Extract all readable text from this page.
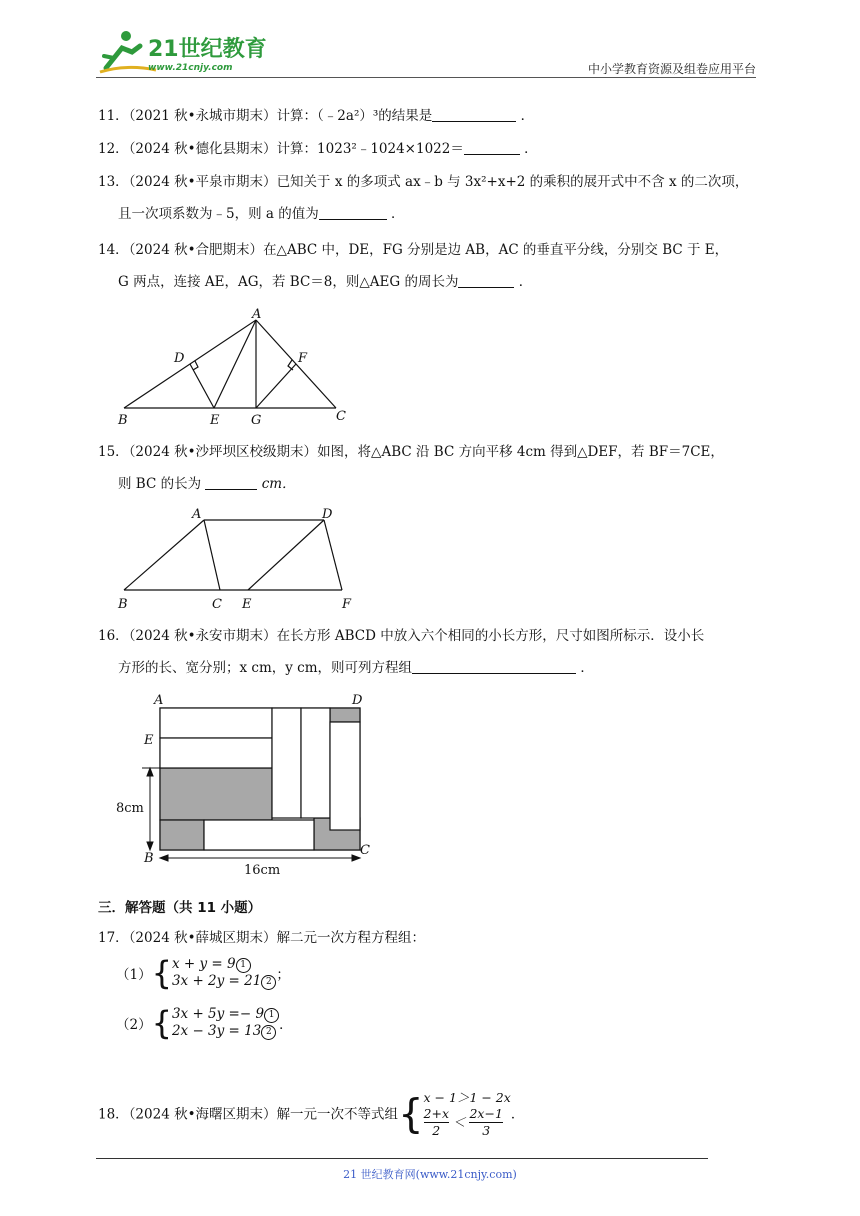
21世纪教育
www.21cnjy.com	中小学教育资源及组卷应用平台
11．（2021 秋•永城市期末）计算：（﹣2a²）³的结果是	．
12．（2024 秋•德化县期末）计算：1023²﹣1024×1022＝	．
13．（2024 秋•平泉市期末）已知关于 x 的多项式 ax﹣b 与 3x²+x+2 的乘积的展开式中不含 x 的二次项，
且一次项系数为﹣5，则 a 的值为	．
14．（2024 秋•合肥期末）在△ABC 中，DE，FG 分别是边 AB，AC 的垂直平分线，分别交 BC 于 E，
G 两点，连接 AE，AG，若 BC＝8，则△AEG 的周长为	．
A
B	C
D
E
F
G
15．（2024 秋•沙坪坝区校级期末）如图，将△ABC 沿 BC 方向平移 4cm 得到△DEF，若 BF＝7CE，
则 BC 的长为	cm．
A
B	C
D
E	F
16．（2024 秋•永安市期末）在长方形 ABCD 中放入六个相同的小长方形，尺寸如图所标示．设小长
方形的长、宽分别；x cm，y cm，则可列方程组	．
A
B
C
D
E
8cm
16cm
三．解答题（共 11 小题）
17．（2024 秋•薛城区期末）解二元一次方程方程组：
（1）{x + y = 9 1
3x + 2y = 21 2 ；
（2）{3x + 5y =− 9 1
2x − 3y = 13 2 ．
18．（2024 秋•海曙区期末）解一元一次不等式组{x − 1＞1 − 2x

$\frac{2+x}{2} < \frac{2x-1}{3}$ ．
21 世纪教育网(www.21cnjy.com)
